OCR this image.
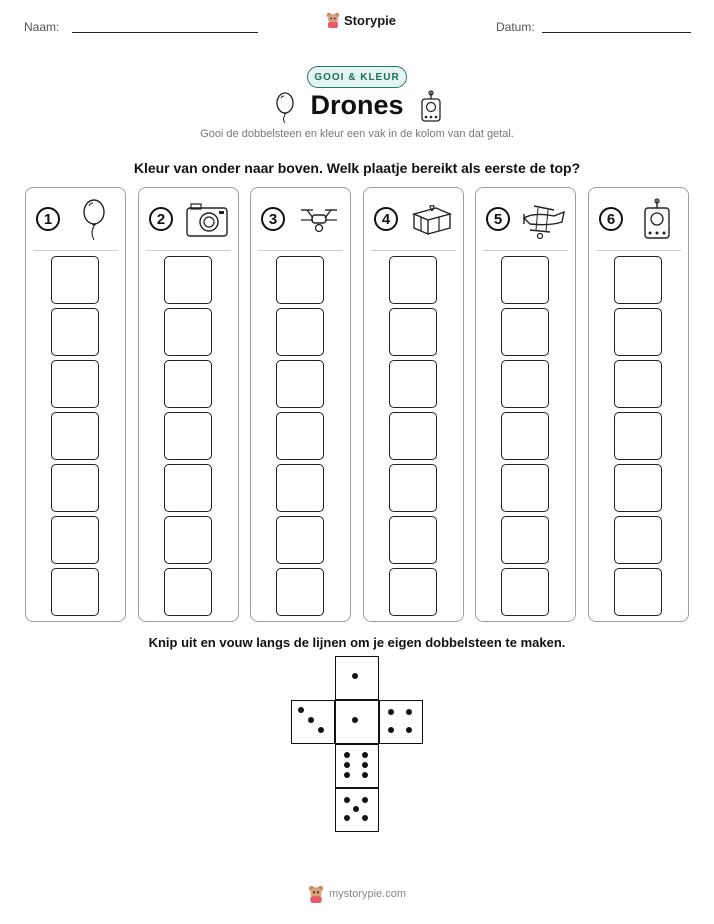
Naam:	Storypie	Datum:
GOOI & KLEUR
Drones
Gooi de dobbelsteen en kleur een vak in de kolom van dat getal.
Kleur van onder naar boven. Welk plaatje bereikt als eerste de top?
1	2	3	4	5	6
Knip uit en vouw langs de lijnen om je eigen dobbelsteen te maken.
mystorypie.com
